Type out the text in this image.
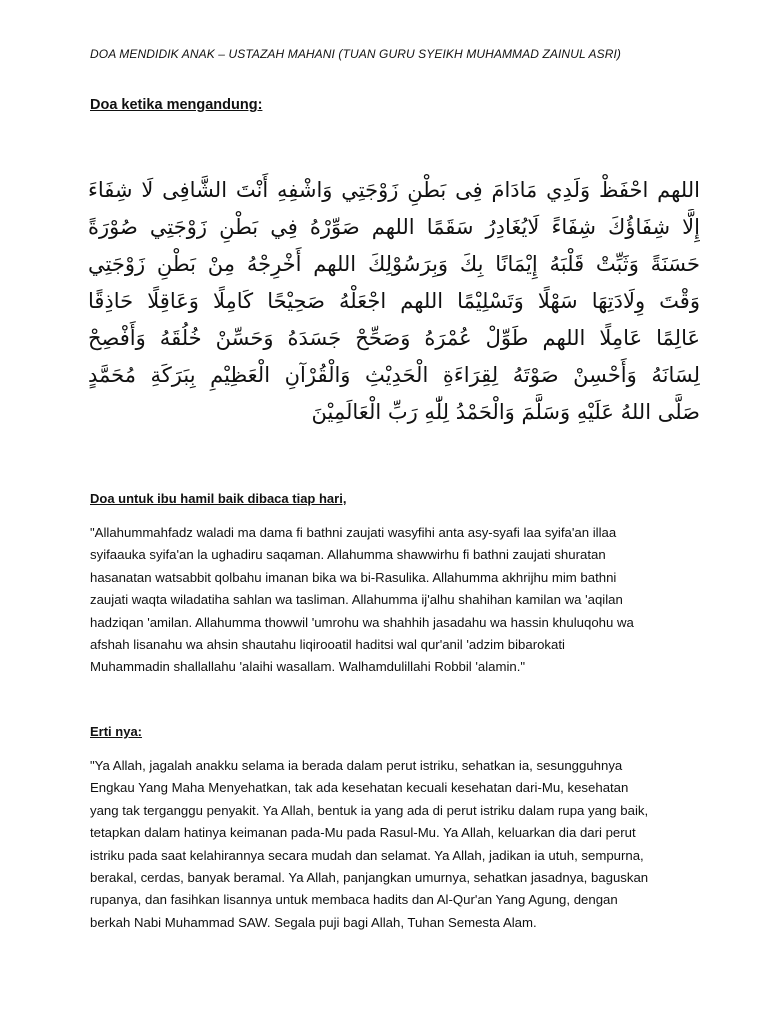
DOA MENDIDIK ANAK – USTAZAH MAHANI (TUAN GURU SYEIKH MUHAMMAD ZAINUL ASRI)
Doa ketika mengandung:
اللهم احْفَظْ وَلَدِي مَادَامَ فِى بَطْنِ زَوْجَتِي وَاشْفِهِ أَنْتَ الشَّافِى لَا شِفَاءَ
إِلَّا شِفَاؤُكَ شِفَاءً لَايُغَادِرُ سَقَمًا اللهم صَوِّرْهُ فِي بَطْنِ زَوْجَتِي صُوْرَةً
حَسَنَةً وَثَبِّتْ قَلْبَهُ إِيْمَانًا بِكَ وَبِرَسُوْلِكَ اللهم أَخْرِجْهُ مِنْ بَطْنِ زَوْجَتِي
وَقْتَ وِلَادَتِهَا سَهْلًا وَتَسْلِيْمًا اللهم اجْعَلْهُ صَحِيْحًا كَامِلًا وَعَاقِلًا حَاذِقًا
عَالِمًا عَامِلًا اللهم طَوِّلْ عُمْرَهُ وَصَحِّحْ جَسَدَهُ وَحَسِّنْ خُلُقَهُ وَأَفْصِحْ
لِسَانَهُ وَأَحْسِنْ صَوْتَهُ لِقِرَاءَةِ الْحَدِيْثِ وَالْقُرْآنِ الْعَظِيْمِ بِبَرَكَةِ مُحَمَّدٍ
صَلَّى اللهُ عَلَيْهِ وَسَلَّمَ وَالْحَمْدُ لِلّٰهِ رَبِّ الْعَالَمِيْنَ
Doa untuk ibu hamil baik dibaca tiap hari,
"Allahummahfadz waladi ma dama fi bathni zaujati wasyfihi anta asy-syafi laa syifa'an illaa
syifaauka syifa'an la ughadiru saqaman. Allahumma shawwirhu fi bathni zaujati shuratan
hasanatan watsabbit qolbahu imanan bika wa bi-Rasulika. Allahumma akhrijhu mim bathni
zaujati waqta wiladatiha sahlan wa tasliman. Allahumma ij'alhu shahihan kamilan wa 'aqilan
hadziqan 'amilan. Allahumma thowwil 'umrohu wa shahhih jasadahu wa hassin khuluqohu wa
afshah lisanahu wa ahsin shautahu liqirooatil haditsi wal qur'anil 'adzim bibarokati
Muhammadin shallallahu 'alaihi wasallam. Walhamdulillahi Robbil 'alamin."
Erti nya:
"Ya Allah, jagalah anakku selama ia berada dalam perut istriku, sehatkan ia, sesungguhnya
Engkau Yang Maha Menyehatkan, tak ada kesehatan kecuali kesehatan dari-Mu, kesehatan
yang tak terganggu penyakit. Ya Allah, bentuk ia yang ada di perut istriku dalam rupa yang baik,
tetapkan dalam hatinya keimanan pada-Mu pada Rasul-Mu. Ya Allah, keluarkan dia dari perut
istriku pada saat kelahirannya secara mudah dan selamat. Ya Allah, jadikan ia utuh, sempurna,
berakal, cerdas, banyak beramal. Ya Allah, panjangkan umurnya, sehatkan jasadnya, baguskan
rupanya, dan fasihkan lisannya untuk membaca hadits dan Al-Qur'an Yang Agung, dengan
berkah Nabi Muhammad SAW. Segala puji bagi Allah, Tuhan Semesta Alam.
